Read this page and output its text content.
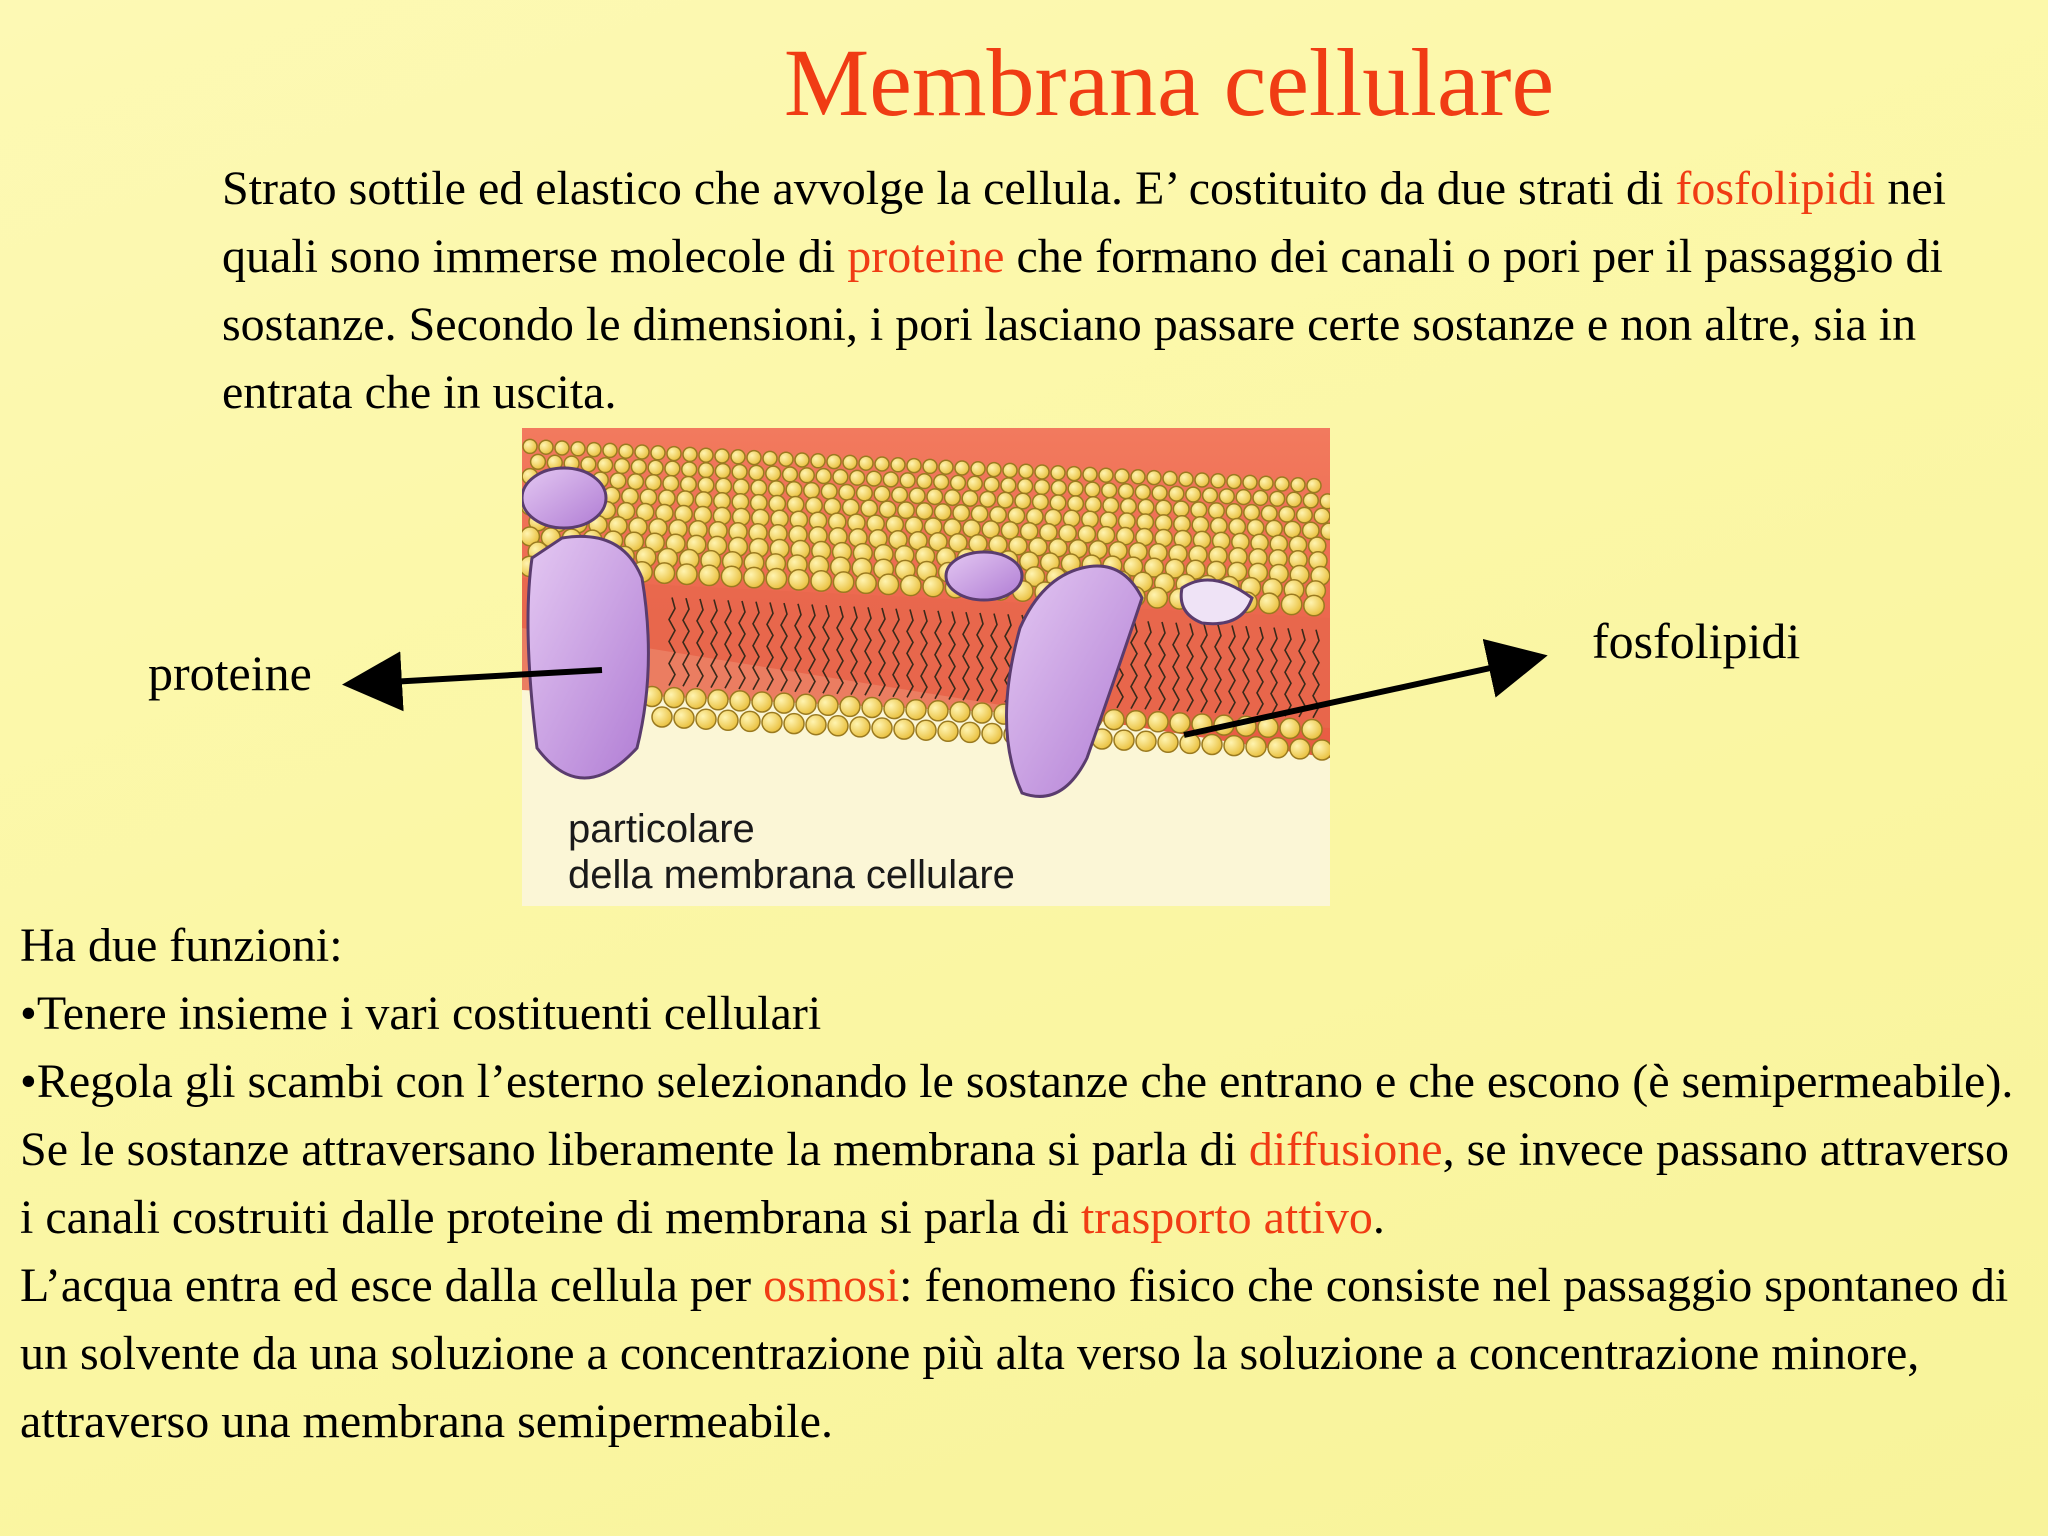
Membrana cellulare

Strato sottile ed elastico che avvolge la cellula. E’ costituito da due strati di fosfolipidi nei quali sono immerse molecole di proteine che formano dei canali o pori per il passaggio di sostanze. Secondo le dimensioni, i pori lasciano passare certe sostanze e non altre, sia in entrata che in uscita.

particolare
della membrana cellulare
proteine
fosfolipidi

Ha due funzioni:

•Tenere insieme i vari costituenti cellulari

•Regola gli scambi con l’esterno selezionando le sostanze che entrano e che escono (è semipermeabile). Se le sostanze attraversano liberamente la membrana si parla di diffusione, se invece passano attraverso i canali costruiti dalle proteine di membrana si parla di trasporto attivo.

L’acqua entra ed esce dalla cellula per osmosi: fenomeno fisico che consiste nel passaggio spontaneo di un solvente da una soluzione a concentrazione più alta verso la soluzione a concentrazione minore, attraverso una membrana semipermeabile.
